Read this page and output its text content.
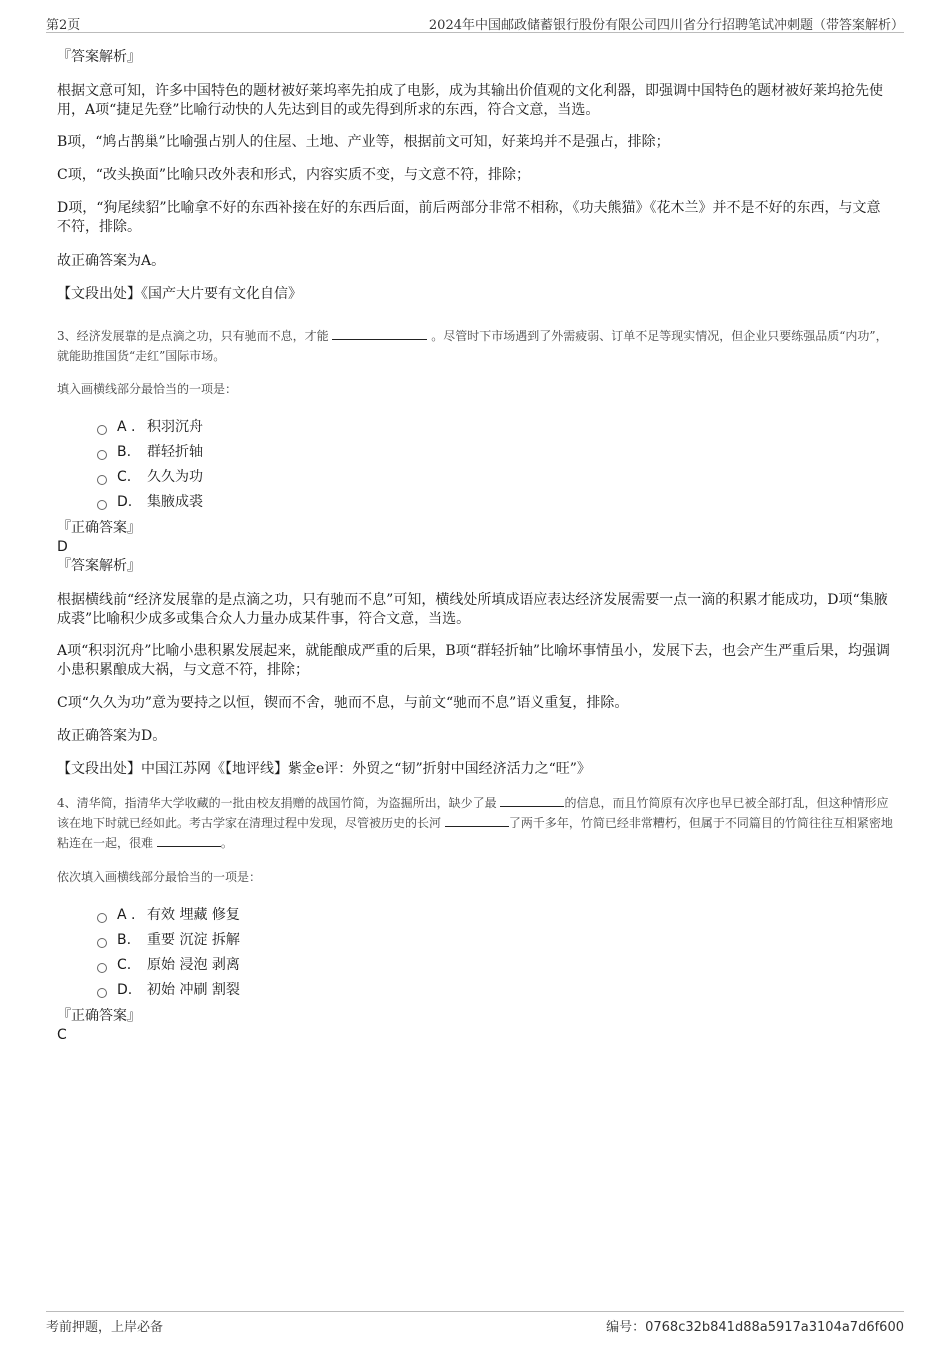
第2页	2024年中国邮政储蓄银行股份有限公司四川省分行招聘笔试冲刺题（带答案解析）

『答案解析』

根据文意可知，许多中国特色的题材被好莱坞率先拍成了电影，成为其输出价值观的文化利器，即强调中国特色的题材被好莱坞抢先使用，A项“捷足先登”比喻行动快的人先达到目的或先得到所求的东西，符合文意，当选。

B项，“鸠占鹊巢”比喻强占别人的住屋、土地、产业等，根据前文可知，好莱坞并不是强占，排除；

C项，“改头换面”比喻只改外表和形式，内容实质不变，与文意不符，排除；

D项，“狗尾续貂”比喻拿不好的东西补接在好的东西后面，前后两部分非常不相称，《功夫熊猫》《花木兰》并不是不好的东西，与文意不符，排除。

故正确答案为A。

【文段出处】《国产大片要有文化自信》

3、经济发展靠的是点滴之功，只有驰而不息，才能	。尽管时下市场遇到了外需疲弱、订单不足等现实情况，但企业只要练强品质“内功”，就能助推国货“走红”国际市场。

填入画横线部分最恰当的一项是：

A . 积羽沉舟
B.	群轻折轴
C.	久久为功
D.	集腋成裘

『正确答案』

D

『答案解析』

根据横线前“经济发展靠的是点滴之功，只有驰而不息”可知，横线处所填成语应表达经济发展需要一点一滴的积累才能成功，D项“集腋成裘”比喻积少成多或集合众人力量办成某件事，符合文意，当选。

A项“积羽沉舟”比喻小患积累发展起来，就能酿成严重的后果，B项“群轻折轴”比喻坏事情虽小，发展下去，也会产生严重后果，均强调小患积累酿成大祸，与文意不符，排除；

C项“久久为功”意为要持之以恒，锲而不舍，驰而不息，与前文“驰而不息”语义重复，排除。

故正确答案为D。

【文段出处】中国江苏网《【地评线】紫金e评：外贸之“韧”折射中国经济活力之“旺”》

4、清华简，指清华大学收藏的一批由校友捐赠的战国竹简，为盗掘所出，缺少了最	的信息，而且竹简原有次序也早已被全部打乱，但这种情形应该在地下时就已经如此。考古学家在清理过程中发现，尽管被历史的长河	了两千多年，竹简已经非常糟朽，但属于不同篇目的竹简往往互相紧密地粘连在一起，很难	。

依次填入画横线部分最恰当的一项是：

A . 有效 埋藏 修复
B.	重要 沉淀 拆解
C.	原始 浸泡 剥离
D.	初始 冲刷 割裂

『正确答案』

C

考前押题，上岸必备	编号：0768c32b841d88a5917a3104a7d6f600
